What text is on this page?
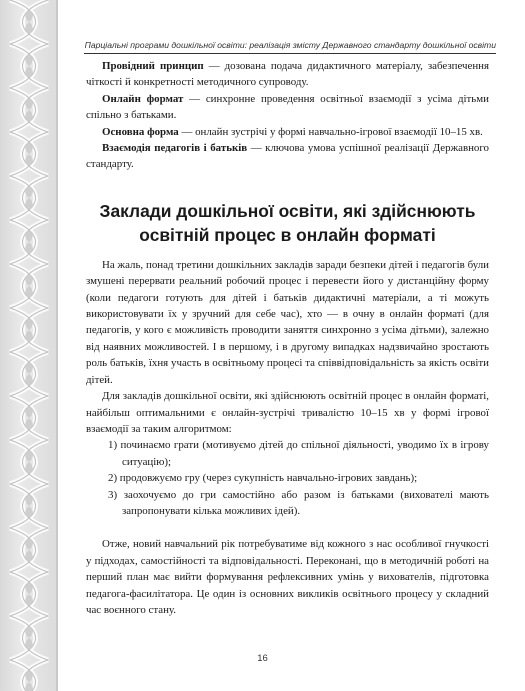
Парціальні програми дошкільної освіти: реалізація змісту Державного стандарту дошкільної освіти

Провідний принцип — дозована подача дидактичного матеріалу, забезпечення чіткості й конкретності методичного супроводу.

Онлайн формат — синхронне проведення освітньої взаємодії з усіма дітьми спільно з батьками.

Основна форма — онлайн зустрічі у формі навчально-ігрової взаємодії 10–15 хв.

Взаємодія педагогів і батьків — ключова умова успішної реалізації Державного стандарту.

Заклади дошкільної освіти, які здійснюють
освітній процес в онлайн форматі

На жаль, понад третини дошкільних закладів заради безпеки дітей і педагогів були змушені перервати реальний робочий процес і перевести його у дистанційну форму (коли педагоги готують для дітей і батьків дидактичні матеріали, а ті можуть використовувати їх у зручний для себе час), хто — в очну в онлайн форматі (для педагогів, у кого є можливість проводити заняття синхронно з усіма дітьми), залежно від наявних можливостей. І в першому, і в другому випадках надзвичайно зростають роль батьків, їхня участь в освітньому процесі та співвідповідальність за якість освіти дітей.

Для закладів дошкільної освіти, які здійснюють освітній процес в онлайн форматі, найбільш оптимальними є онлайн-зустрічі тривалістю 10–15 хв у формі ігрової взаємодії за таким алгоритмом:

1) починаємо грати (мотивуємо дітей до спільної діяльності, уводимо їх в ігрову ситуацію);
2) продовжуємо гру (через сукупність навчально-ігрових завдань);
3) заохочуємо до гри самостійно або разом із батьками (вихователі мають запропонувати кілька можливих ідей).

Отже, новий навчальний рік потребуватиме від кожного з нас особливої гнучкості у підходах, самостійності та відповідальності. Переконані, що в методичній роботі на перший план має вийти формування рефлексивних умінь у вихователів, підготовка педагога-фасилітатора. Це один із основних викликів освітнього процесу у складний час воєнного стану.

16
